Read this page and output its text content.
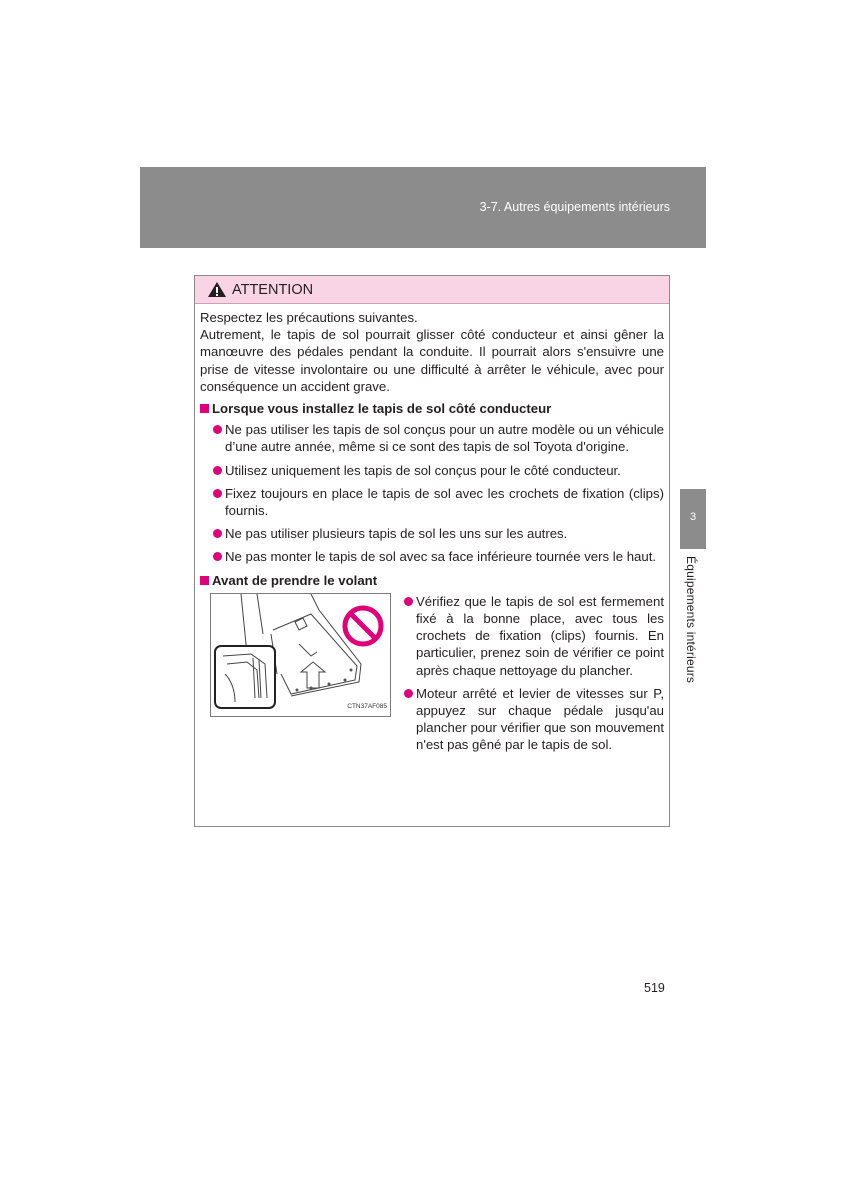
3-7. Autres équipements intérieurs
3
Équipements intérieurs
ATTENTION

Respectez les précautions suivantes.

Autrement, le tapis de sol pourrait glisser côté conducteur et ainsi gêner la manœuvre des pédales pendant la conduite. Il pourrait alors s'ensuivre une prise de vitesse involontaire ou une difficulté à arrêter le véhicule, avec pour conséquence un accident grave.

Lorsque vous installez le tapis de sol côté conducteur
Ne pas utiliser les tapis de sol conçus pour un autre modèle ou un véhicule d’une autre année, même si ce sont des tapis de sol Toyota d'origine.
Utilisez uniquement les tapis de sol conçus pour le côté conducteur.
Fixez toujours en place le tapis de sol avec les crochets de fixation (clips) fournis.
Ne pas utiliser plusieurs tapis de sol les uns sur les autres.
Ne pas monter le tapis de sol avec sa face inférieure tournée vers le haut.
Avant de prendre le volant
CTN37AF085
Vérifiez que le tapis de sol est fermement fixé à la bonne place, avec tous les crochets de fixation (clips) fournis. En particulier, prenez soin de vérifier ce point après chaque nettoyage du plancher.
Moteur arrêté et levier de vitesses sur P, appuyez sur chaque pédale jusqu'au plancher pour vérifier que son mouvement n'est pas gêné par le tapis de sol.
519
